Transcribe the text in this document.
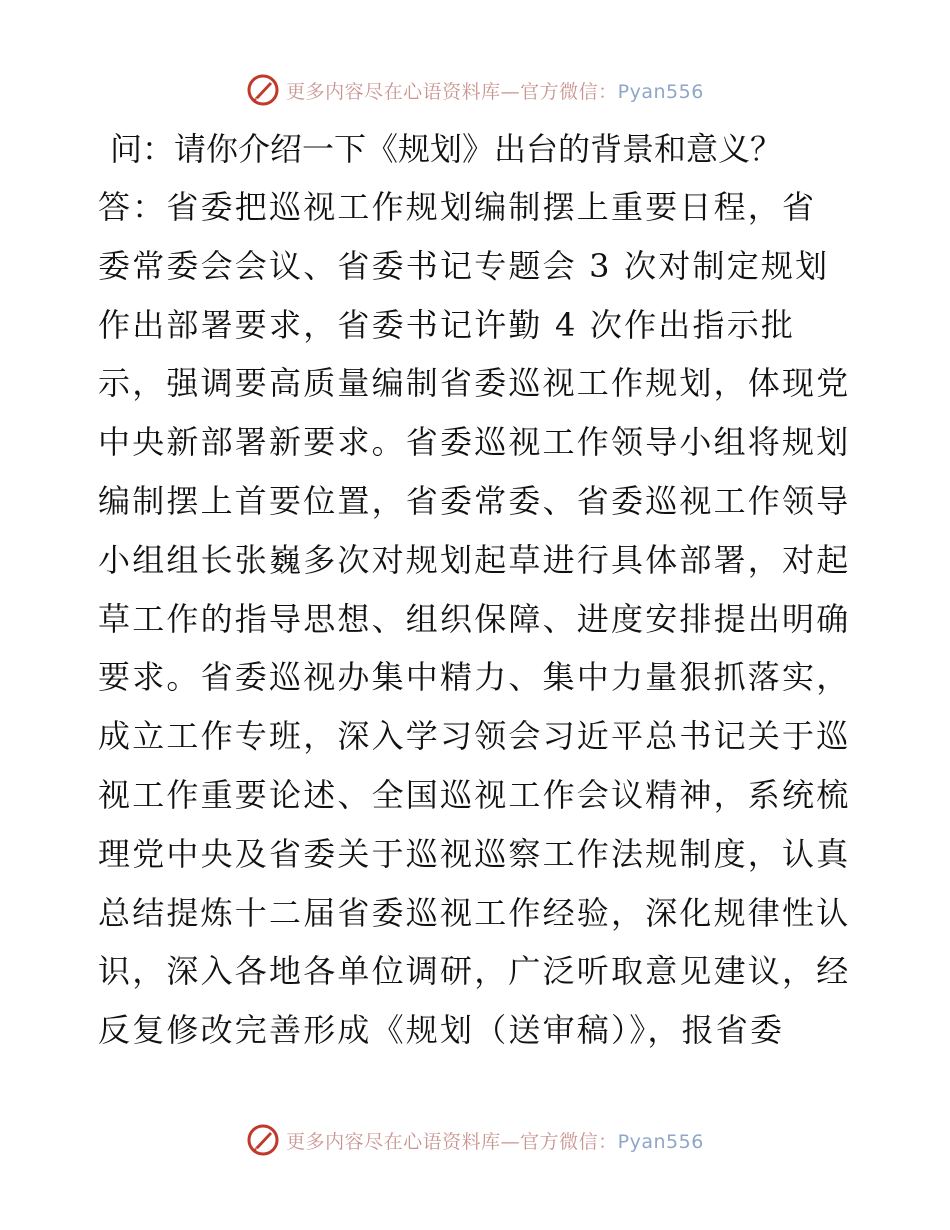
更多内容尽在心语资料库—官方微信：Pyan556

问：请你介绍一下《规划》出台的背景和意义？

答：省委把巡视工作规划编制摆上重要日程，省
委常委会会议、省委书记专题会 3 次对制定规划
作出部署要求，省委书记许勤 4 次作出指示批
示，强调要高质量编制省委巡视工作规划，体现党
中央新部署新要求。省委巡视工作领导小组将规划
编制摆上首要位置，省委常委、省委巡视工作领导
小组组长张巍多次对规划起草进行具体部署，对起
草工作的指导思想、组织保障、进度安排提出明确
要求。省委巡视办集中精力、集中力量狠抓落实，
成立工作专班，深入学习领会习近平总书记关于巡
视工作重要论述、全国巡视工作会议精神，系统梳
理党中央及省委关于巡视巡察工作法规制度，认真
总结提炼十二届省委巡视工作经验，深化规律性认
识，深入各地各单位调研，广泛听取意见建议，经
反复修改完善形成《规划（送审稿）》，报省委
更多内容尽在心语资料库—官方微信：Pyan556
